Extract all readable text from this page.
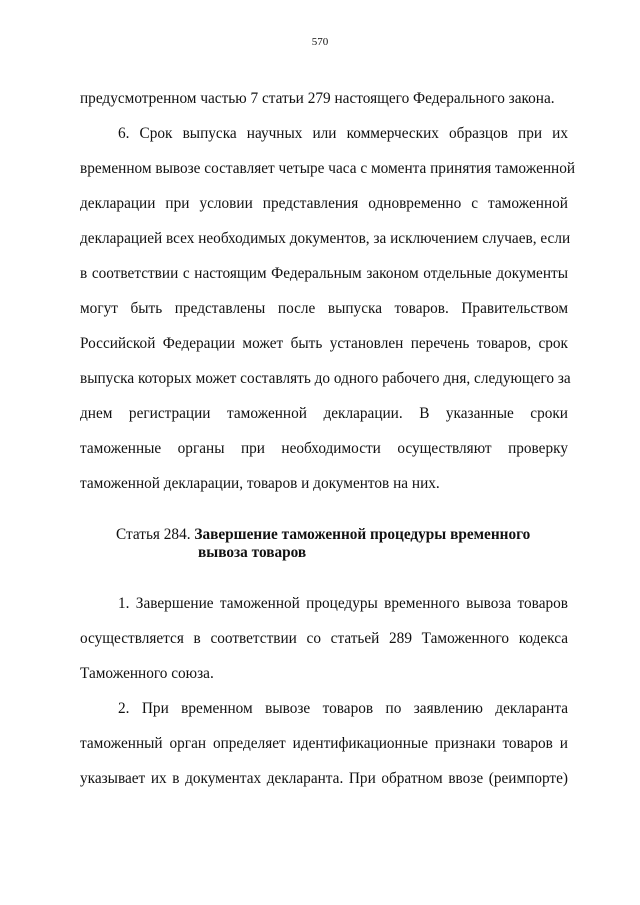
570
предусмотренном частью 7 статьи 279 настоящего Федерального закона.
6. Срок выпуска научных или коммерческих образцов при их
временном вывозе составляет четыре часа с момента принятия таможенной
декларации при условии представления одновременно с таможенной
декларацией всех необходимых документов, за исключением случаев, если
в соответствии с настоящим Федеральным законом отдельные документы
могут быть представлены после выпуска товаров. Правительством
Российской Федерации может быть установлен перечень товаров, срок
выпуска которых может составлять до одного рабочего дня, следующего за
днем регистрации таможенной декларации. В указанные сроки
таможенные органы при необходимости осуществляют проверку
таможенной декларации, товаров и документов на них.
Статья 284. Завершение таможенной процедуры временного
вывоза товаров
1. Завершение таможенной процедуры временного вывоза товаров
осуществляется в соответствии со статьей 289 Таможенного кодекса
Таможенного союза.
2. При временном вывозе товаров по заявлению декларанта
таможенный орган определяет идентификационные признаки товаров и
указывает их в документах декларанта. При обратном ввозе (реимпорте)
